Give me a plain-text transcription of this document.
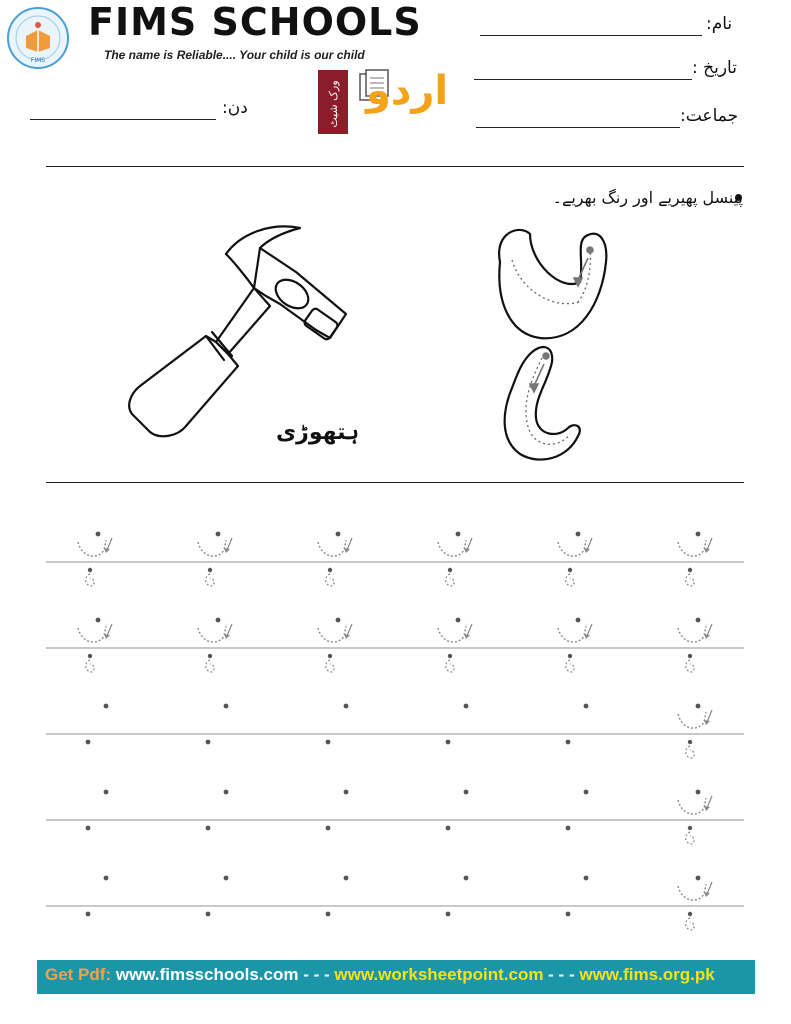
FIMS
FIMS SCHOOLS
The name is Reliable.... Your child is our child
نام:
تاریخ :
جماعت:
دن:	ورک شیٹ اردو
پینسل پھیریے اور رنگ بھریے۔
ہتھوڑی
Get Pdf: www.fimsschools.com - - - www.worksheetpoint.com - - - www.fims.org.pk
